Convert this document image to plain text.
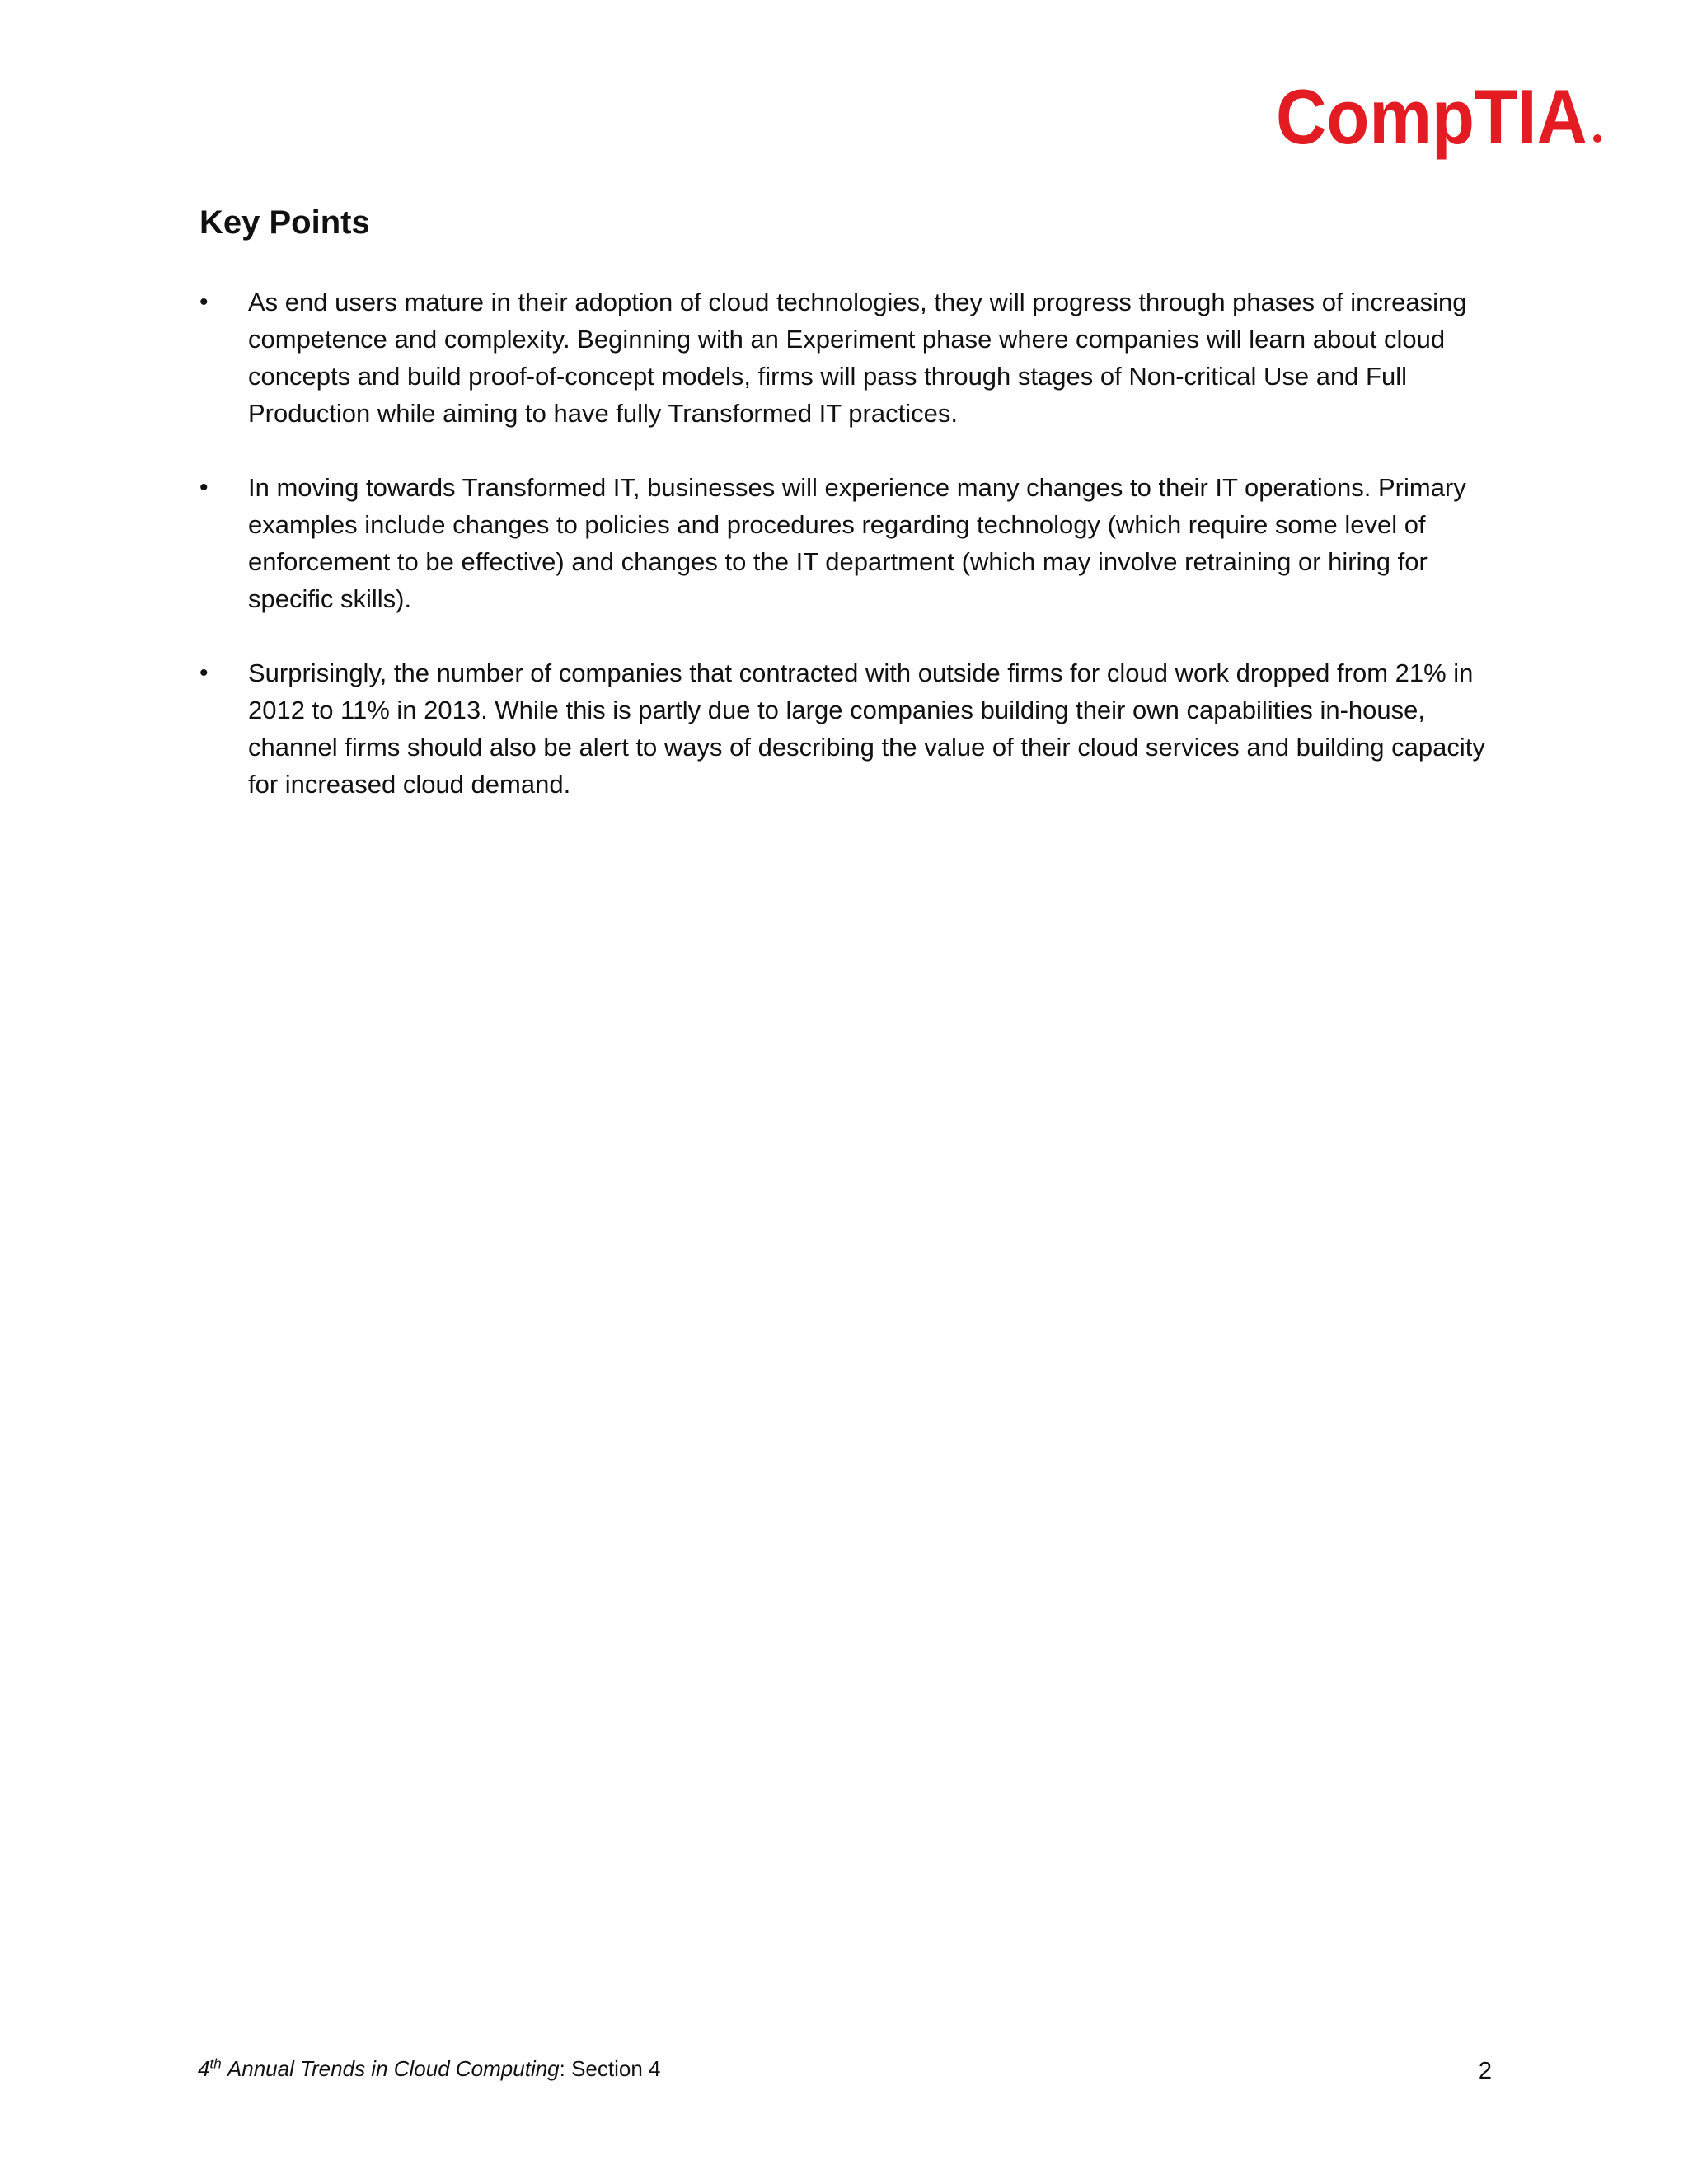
CompTIA
Key Points
•	As end users mature in their adoption of cloud technologies, they will progress through phases of increasing competence and complexity. Beginning with an Experiment phase where companies will learn about cloud concepts and build proof-of-concept models, firms will pass through stages of Non-critical Use and Full Production while aiming to have fully Transformed IT practices.
•	In moving towards Transformed IT, businesses will experience many changes to their IT operations. Primary examples include changes to policies and procedures regarding technology (which require some level of enforcement to be effective) and changes to the IT department (which may involve retraining or hiring for specific skills).
•	Surprisingly, the number of companies that contracted with outside firms for cloud work dropped from 21% in 2012 to 11% in 2013. While this is partly due to large companies building their own capabilities in-house, channel firms should also be alert to ways of describing the value of their cloud services and building capacity for increased cloud demand.
4th Annual Trends in Cloud Computing: Section 4	2
